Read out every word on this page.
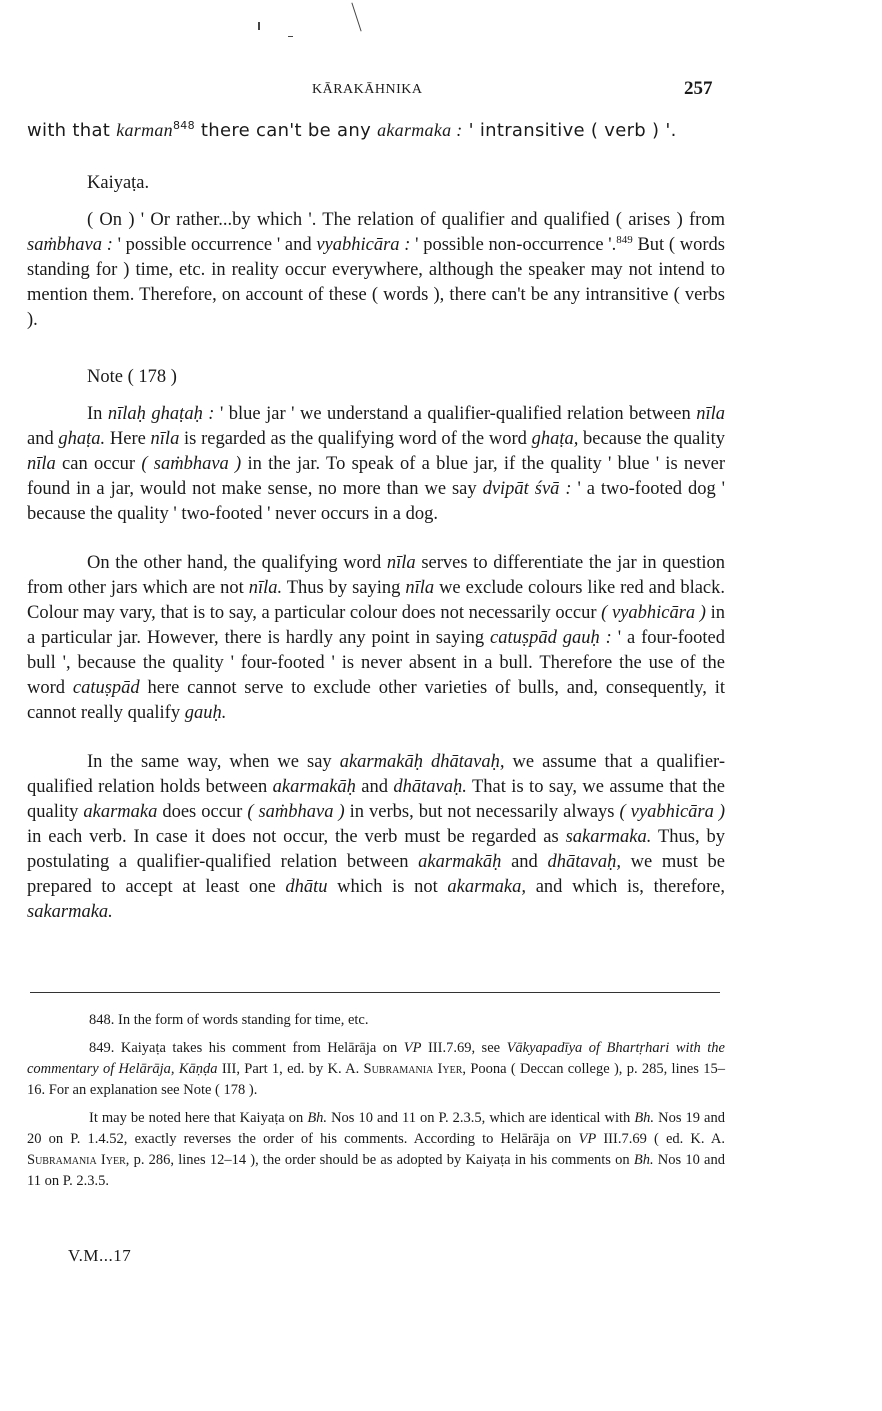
KĀRAKĀHNIKA	257

with that karman$^{848}$ there can't be any akarmaka : ' intransitive ( verb ) '.

Kaiyaṭa.

( On ) ' Or rather...by which '. The relation of qualifier and qualified ( arises ) from saṁbhava : ' possible occurrence ' and vyabhicāra : ' possible non-occurrence '.$^{849}$ But ( words standing for ) time, etc. in reality occur everywhere, although the speaker may not intend to mention them. Therefore, on account of these ( words ), there can't be any intransitive ( verbs ).

Note ( 178 )

In nīlaḥ ghaṭaḥ : ' blue jar ' we understand a qualifier-qualified relation between nīla and ghaṭa. Here nīla is regarded as the qualifying word of the word ghaṭa, because the quality nīla can occur ( saṁbhava ) in the jar. To speak of a blue jar, if the quality ' blue ' is never found in a jar, would not make sense, no more than we say dvipāt śvā : ' a two-footed dog ' because the quality ' two-footed ' never occurs in a dog.

On the other hand, the qualifying word nīla serves to differentiate the jar in question from other jars which are not nīla. Thus by saying nīla we exclude colours like red and black. Colour may vary, that is to say, a particular colour does not necessarily occur ( vyabhicāra ) in a particular jar. However, there is hardly any point in saying catuṣpād gauḥ : ' a four-footed bull ', because the quality ' four-footed ' is never absent in a bull. Therefore the use of the word catuṣpād here cannot serve to exclude other varieties of bulls, and, consequently, it cannot really qualify gauḥ.

In the same way, when we say akarmakāḥ dhātavaḥ, we assume that a qualifier-qualified relation holds between akarmakāḥ and dhātavaḥ. That is to say, we assume that the quality akarmaka does occur ( saṁbhava ) in verbs, but not necessarily always ( vyabhicāra ) in each verb. In case it does not occur, the verb must be regarded as sakarmaka. Thus, by postulating a qualifier-qualified relation between akarmakāḥ and dhātavaḥ, we must be prepared to accept at least one dhātu which is not akarmaka, and which is, therefore, sakarmaka.

848. In the form of words standing for time, etc.

849. Kaiyaṭa takes his comment from Helārāja on VP III.7.69, see Vākyapadīya of Bhartṛhari with the commentary of Helārāja, Kāṇḍa III, Part 1, ed. by K. A. Subramania Iyer, Poona ( Deccan college ), p. 285, lines 15–16. For an explanation see Note ( 178 ).

It may be noted here that Kaiyaṭa on Bh. Nos 10 and 11 on P. 2.3.5, which are identical with Bh. Nos 19 and 20 on P. 1.4.52, exactly reverses the order of his comments. According to Helārāja on VP III.7.69 ( ed. K. A. Subramania Iyer, p. 286, lines 12–14 ), the order should be as adopted by Kaiyaṭa in his comments on Bh. Nos 10 and 11 on P. 2.3.5.

V.M...17
